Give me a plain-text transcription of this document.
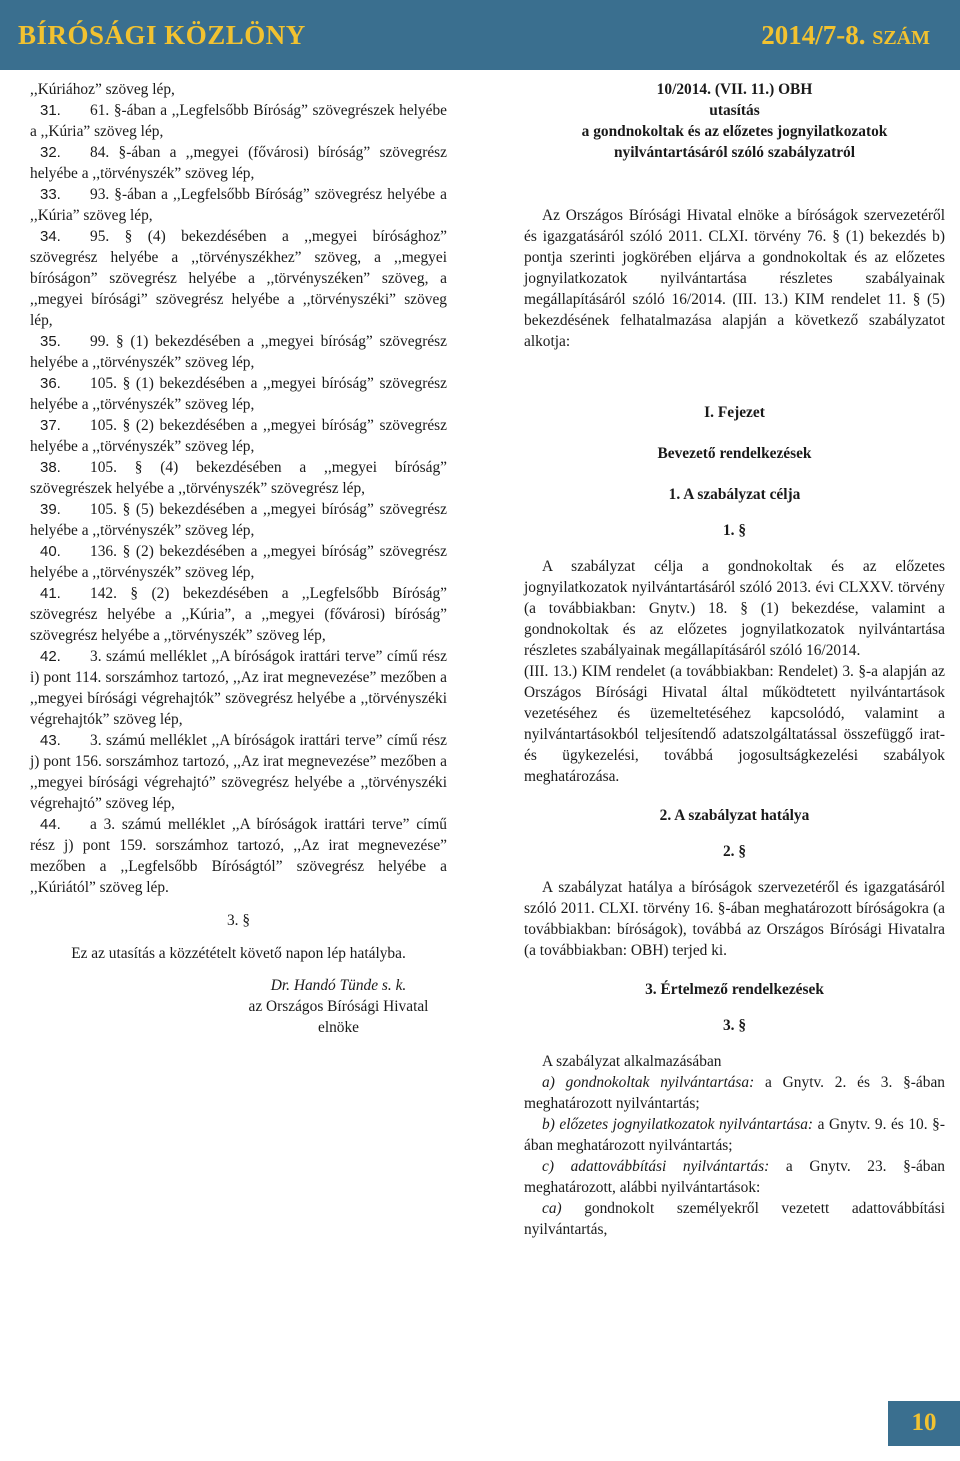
BÍRÓSÁGI KÖZLÖNY	2014/7-8. SZÁM

,,Kúriához” szöveg lép,

31. 61. §-ában a ,,Legfelsőbb Bíróság” szövegrészek helyébe a ,,Kúria” szöveg lép,

32. 84. §-ában a ,,megyei (fővárosi) bíróság” szövegrész helyébe a ,,törvényszék” szöveg lép,

33. 93. §-ában a ,,Legfelsőbb Bíróság” szövegrész helyébe a ,,Kúria” szöveg lép,

34. 95. § (4) bekezdésében a ,,megyei bírósághoz” szövegrész helyébe a ,,törvényszékhez” szöveg, a ,,megyei bíróságon” szövegrész helyébe a ,,törvényszéken” szöveg, a ,,megyei bírósági” szövegrész helyébe a ,,törvényszéki” szöveg lép,

35. 99. § (1) bekezdésében a ,,megyei bíróság” szövegrész helyébe a ,,törvényszék” szöveg lép,

36. 105. § (1) bekezdésében a ,,megyei bíróság” szövegrész helyébe a ,,törvényszék” szöveg lép,

37. 105. § (2) bekezdésében a ,,megyei bíróság” szövegrész helyébe a ,,törvényszék” szöveg lép,

38. 105. § (4) bekezdésében a ,,megyei bíróság” szövegrészek helyébe a ,,törvényszék” szövegrész lép,

39. 105. § (5) bekezdésében a ,,megyei bíróság” szövegrész helyébe a ,,törvényszék” szöveg lép,

40. 136. § (2) bekezdésében a ,,megyei bíróság” szövegrész helyébe a ,,törvényszék” szöveg lép,

41. 142. § (2) bekezdésében a ,,Legfelsőbb Bíróság” szövegrész helyébe a ,,Kúria”, a ,,megyei (fővárosi) bíróság” szövegrész helyébe a ,,törvényszék” szöveg lép,

42. 3. számú melléklet ,,A bíróságok irattári terve” című rész i) pont 114. sorszámhoz tartozó, ,,Az irat megnevezése” mezőben a ,,megyei bírósági végrehajtók” szövegrész helyébe a ,,törvényszéki végrehajtók” szöveg lép,

43. 3. számú melléklet ,,A bíróságok irattári terve” című rész j) pont 156. sorszámhoz tartozó, ,,Az irat megnevezése” mezőben a ,,megyei bírósági végrehajtó” szövegrész helyébe a ,,törvényszéki végrehajtó” szöveg lép,

44. a 3. számú melléklet ,,A bíróságok irattári terve” című rész j) pont 159. sorszámhoz tartozó, ,,Az irat megnevezése” mezőben a ,,Legfelsőbb Bíróságtól” szövegrész helyébe a ,,Kúriától” szöveg lép.

3. §

Ez az utasítás a közzétételt követő napon lép hatályba.

Dr. Handó Tünde s. k.

az Országos Bírósági Hivatal

elnöke

10/2014. (VII. 11.) OBH

utasítás

a gondnokoltak és az előzetes jognyilatkozatok

nyilvántartásáról szóló szabályzatról

Az Országos Bírósági Hivatal elnöke a bíróságok szervezetéről és igazgatásáról szóló 2011. CLXI. törvény 76. § (1) bekezdés b) pontja szerinti jogkörében eljárva a gondnokoltak és az előzetes jognyilatkozatok nyilvántartása részletes szabályainak megállapításáról szóló 16/2014. (III. 13.) KIM rendelet 11. § (5) bekezdésének felhatalmazása alapján a következő szabályzatot alkotja:

I. Fejezet

Bevezető rendelkezések

1. A szabályzat célja

1. §

A szabályzat célja a gondnokoltak és az előzetes jognyilatkozatok nyilvántartásáról szóló 2013. évi CLXXV. törvény (a továbbiakban: Gnytv.) 18. § (1) bekezdése, valamint a gondnokoltak és az előzetes jognyilatkozatok nyilvántartása részletes szabályainak megállapításáról szóló 16/2014.

(III. 13.) KIM rendelet (a továbbiakban: Rendelet) 3. §-a alapján az Országos Bírósági Hivatal által működtetett nyilvántartások vezetéséhez és üzemeltetéséhez kapcsolódó, valamint a nyilvántartásokból teljesítendő adatszolgáltatással összefüggő irat- és ügykezelési, továbbá jogosultságkezelési szabályok meghatározása.

2. A szabályzat hatálya

2. §

A szabályzat hatálya a bíróságok szervezetéről és igazgatásáról szóló 2011. CLXI. törvény 16. §-ában meghatározott bíróságokra (a továbbiakban: bíróságok), továbbá az Országos Bírósági Hivatalra (a továbbiakban: OBH) terjed ki.

3. Értelmező rendelkezések

3. §

A szabályzat alkalmazásában

a) gondnokoltak nyilvántartása: a Gnytv. 2. és 3. §-ában meghatározott nyilvántartás;

b) előzetes jognyilatkozatok nyilvántartása: a Gnytv. 9. és 10. §-ában meghatározott nyilvántartás;

c) adattovábbítási nyilvántartás: a Gnytv. 23. §-ában meghatározott, alábbi nyilvántartások:

ca) gondnokolt személyekről vezetett adattovábbítási nyilvántartás,

10
